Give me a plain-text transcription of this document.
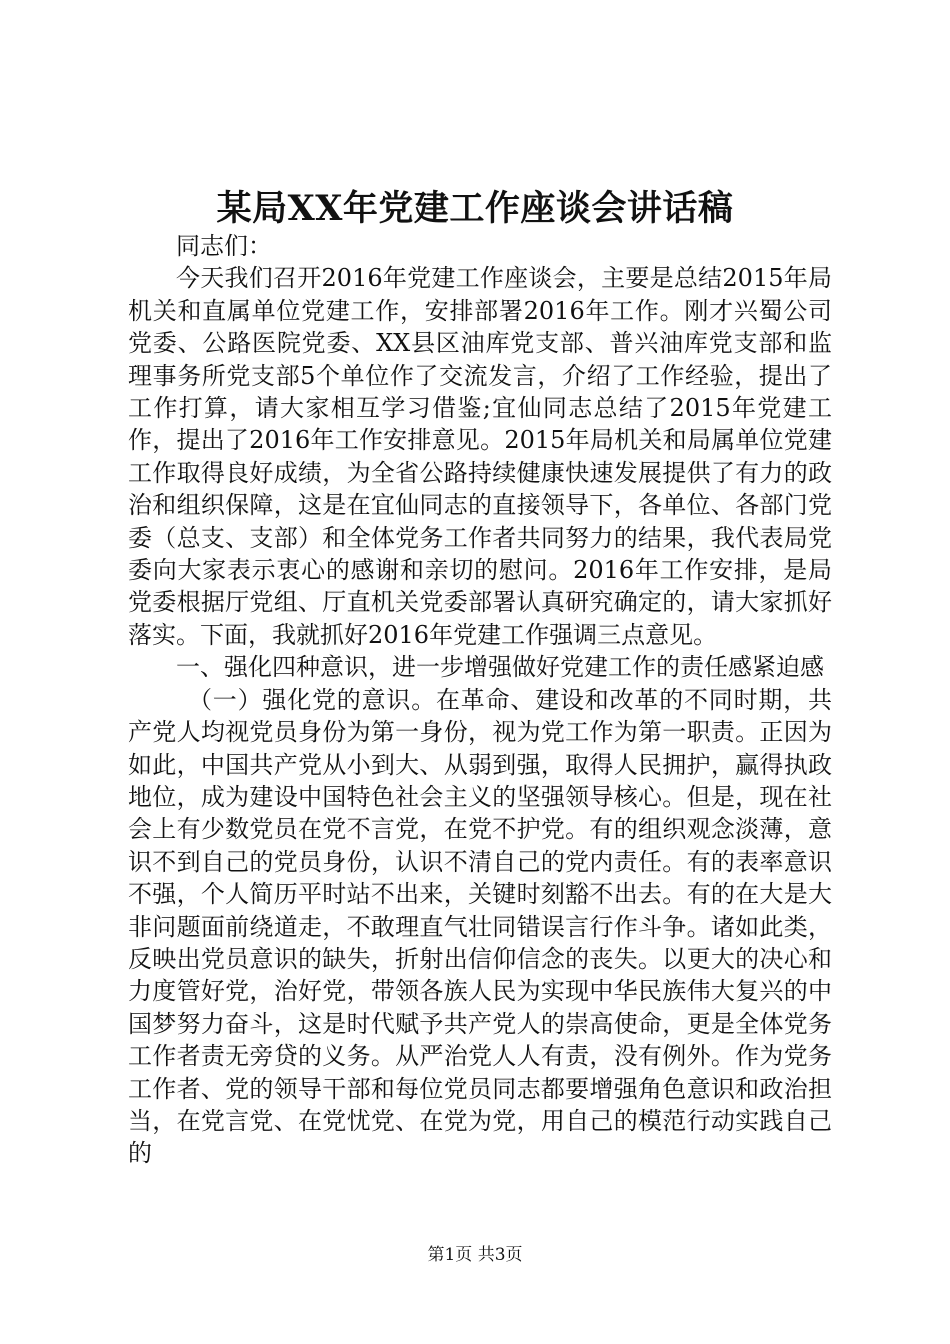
某局XX年党建工作座谈会讲话稿

同志们：

今天我们召开2016年党建工作座谈会，主要是总结2015年局机关和直属单位党建工作，安排部署2016年工作。刚才兴蜀公司党委、公路医院党委、XX县区油库党支部、普兴油库党支部和监理事务所党支部5个单位作了交流发言，介绍了工作经验，提出了工作打算，请大家相互学习借鉴;宜仙同志总结了2015年党建工作，提出了2016年工作安排意见。2015年局机关和局属单位党建工作取得良好成绩，为全省公路持续健康快速发展提供了有力的政治和组织保障，这是在宜仙同志的直接领导下，各单位、各部门党委（总支、支部）和全体党务工作者共同努力的结果，我代表局党委向大家表示衷心的感谢和亲切的慰问。2016年工作安排，是局党委根据厅党组、厅直机关党委部署认真研究确定的，请大家抓好落实。下面，我就抓好2016年党建工作强调三点意见。

一、强化四种意识，进一步增强做好党建工作的责任感紧迫感

（一）强化党的意识。在革命、建设和改革的不同时期，共产党人均视党员身份为第一身份，视为党工作为第一职责。正因为如此，中国共产党从小到大、从弱到强，取得人民拥护，赢得执政地位，成为建设中国特色社会主义的坚强领导核心。但是，现在社会上有少数党员在党不言党，在党不护党。有的组织观念淡薄，意识不到自己的党员身份，认识不清自己的党内责任。有的表率意识不强，个人简历平时站不出来，关键时刻豁不出去。有的在大是大非问题面前绕道走，不敢理直气壮同错误言行作斗争。诸如此类，反映出党员意识的缺失，折射出信仰信念的丧失。以更大的决心和力度管好党，治好党，带领各族人民为实现中华民族伟大复兴的中国梦努力奋斗，这是时代赋予共产党人的崇高使命，更是全体党务工作者责无旁贷的义务。从严治党人人有责，没有例外。作为党务工作者、党的领导干部和每位党员同志都要增强角色意识和政治担当，在党言党、在党忧党、在党为党，用自己的模范行动实践自己的

第1页 共3页
